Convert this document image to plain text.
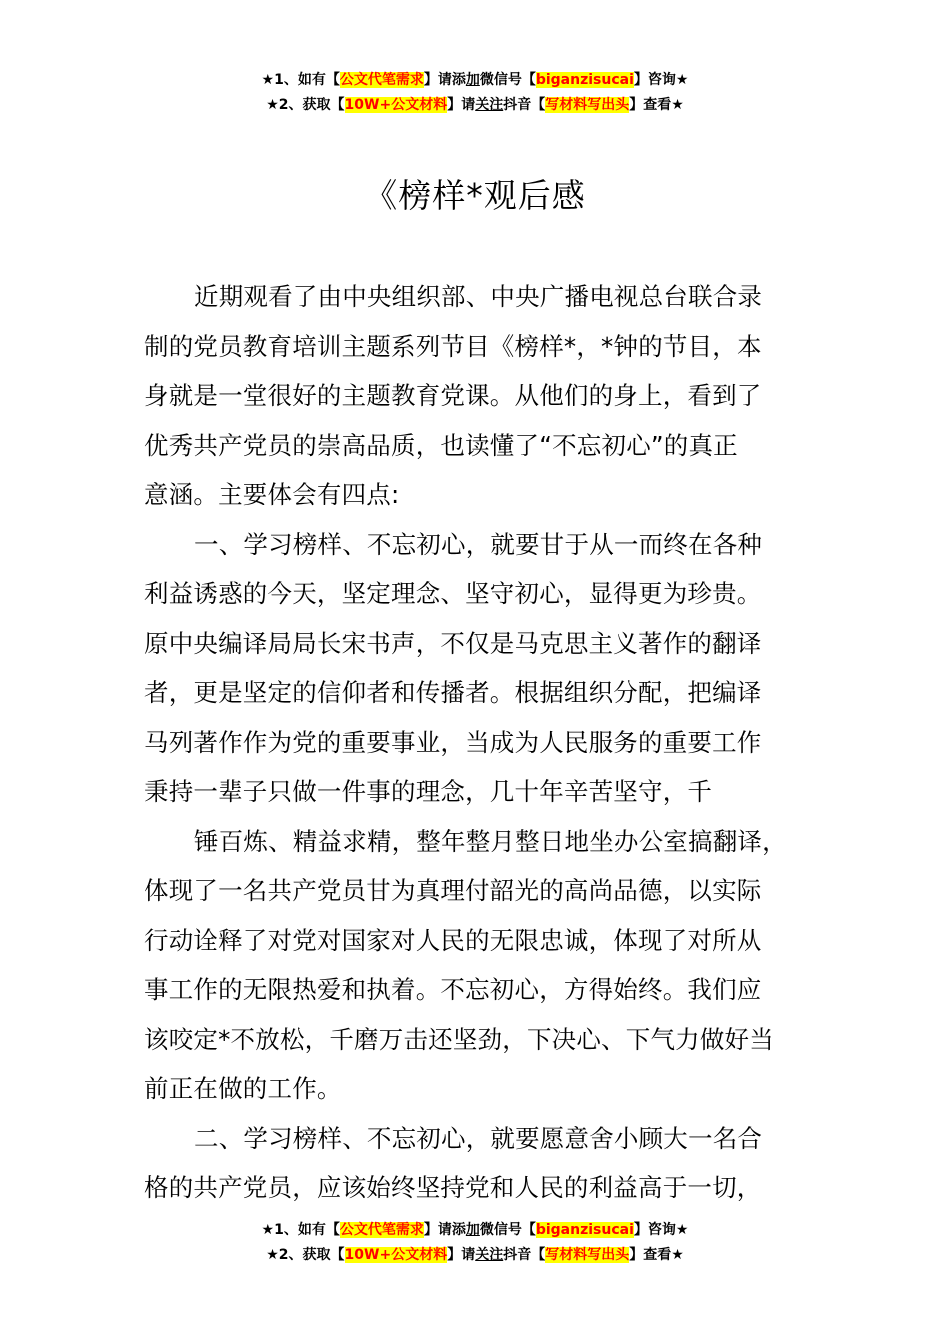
★1、如有【公文代笔需求】请添加微信号【biganzisucai】咨询★
★2、获取【10W+公文材料】请关注抖音【写材料写出头】查看★
《榜样*观后感
近期观看了由中央组织部、中央广播电视总台联合录
制的党员教育培训主题系列节目《榜样*，*钟的节目，本
身就是一堂很好的主题教育党课。从他们的身上，看到了
优秀共产党员的崇高品质，也读懂了“不忘初心”的真正
意涵。主要体会有四点:
一、学习榜样、不忘初心，就要甘于从一而终在各种
利益诱惑的今天，坚定理念、坚守初心，显得更为珍贵。
原中央编译局局长宋书声，不仅是马克思主义著作的翻译
者，更是坚定的信仰者和传播者。根据组织分配，把编译
马列著作作为党的重要事业，当成为人民服务的重要工作
秉持一辈子只做一件事的理念，几十年辛苦坚守，千
锤百炼、精益求精，整年整月整日地坐办公室搞翻译，
体现了一名共产党员甘为真理付韶光的高尚品德，以实际
行动诠释了对党对国家对人民的无限忠诚，体现了对所从
事工作的无限热爱和执着。不忘初心，方得始终。我们应
该咬定*不放松，千磨万击还坚劲，下决心、下气力做好当
前正在做的工作。
二、学习榜样、不忘初心，就要愿意舍小顾大一名合
格的共产党员，应该始终坚持党和人民的利益高于一切，
★1、如有【公文代笔需求】请添加微信号【biganzisucai】咨询★
★2、获取【10W+公文材料】请关注抖音【写材料写出头】查看★
